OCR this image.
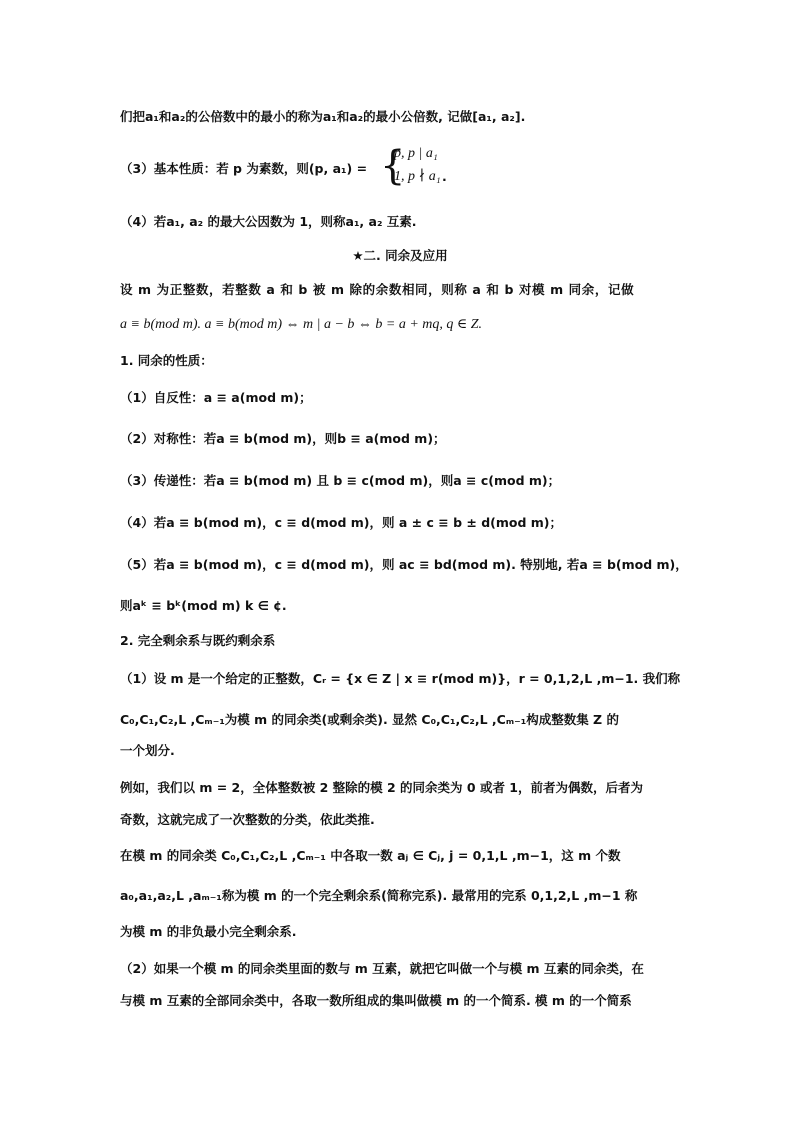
们把a₁和a₂的公倍数中的最小的称为a₁和a₂的最小公倍数, 记做[a₁, a₂].
（3）基本性质：若 p 为素数，则(p, a₁) = {
p, p | a₁
1, p ∤ a₁ .
（4）若a₁, a₂ 的最大公因数为 1，则称a₁, a₂ 互素.
★二. 同余及应用
设 m 为正整数，若整数 a 和 b 被 m 除的余数相同，则称 a 和 b 对模 m 同余，记做
a ≡ b(mod m). a ≡ b(mod m) ⇔ m | a − b ⇔ b = a + mq, q ∈ Z.
1. 同余的性质：
（1）自反性：a ≡ a(mod m)；
（2）对称性：若a ≡ b(mod m)，则b ≡ a(mod m)；
（3）传递性：若a ≡ b(mod m) 且 b ≡ c(mod m)，则a ≡ c(mod m)；
（4）若a ≡ b(mod m)，c ≡ d(mod m)，则 a ± c ≡ b ± d(mod m)；
（5）若a ≡ b(mod m)，c ≡ d(mod m)，则 ac ≡ bd(mod m). 特别地, 若a ≡ b(mod m)，
则aᵏ ≡ bᵏ(mod m) k ∈ ¢.
2. 完全剩余系与既约剩余系
（1）设 m 是一个给定的正整数，Cᵣ = {x ∈ Z | x ≡ r(mod m)}，r = 0,1,2,L ,m−1. 我们称
C₀,C₁,C₂,L ,Cₘ₋₁为模 m 的同余类(或剩余类). 显然 C₀,C₁,C₂,L ,Cₘ₋₁构成整数集 Z 的
一个划分.
例如，我们以 m = 2，全体整数被 2 整除的模 2 的同余类为 0 或者 1，前者为偶数，后者为
奇数，这就完成了一次整数的分类，依此类推.
在模 m 的同余类 C₀,C₁,C₂,L ,Cₘ₋₁ 中各取一数 aⱼ ∈ Cⱼ, j = 0,1,L ,m−1，这 m 个数
a₀,a₁,a₂,L ,aₘ₋₁称为模 m 的一个完全剩余系(简称完系). 最常用的完系 0,1,2,L ,m−1 称
为模 m 的非负最小完全剩余系.
（2）如果一个模 m 的同余类里面的数与 m 互素，就把它叫做一个与模 m 互素的同余类，在
与模 m 互素的全部同余类中，各取一数所组成的集叫做模 m 的一个简系. 模 m 的一个简系
